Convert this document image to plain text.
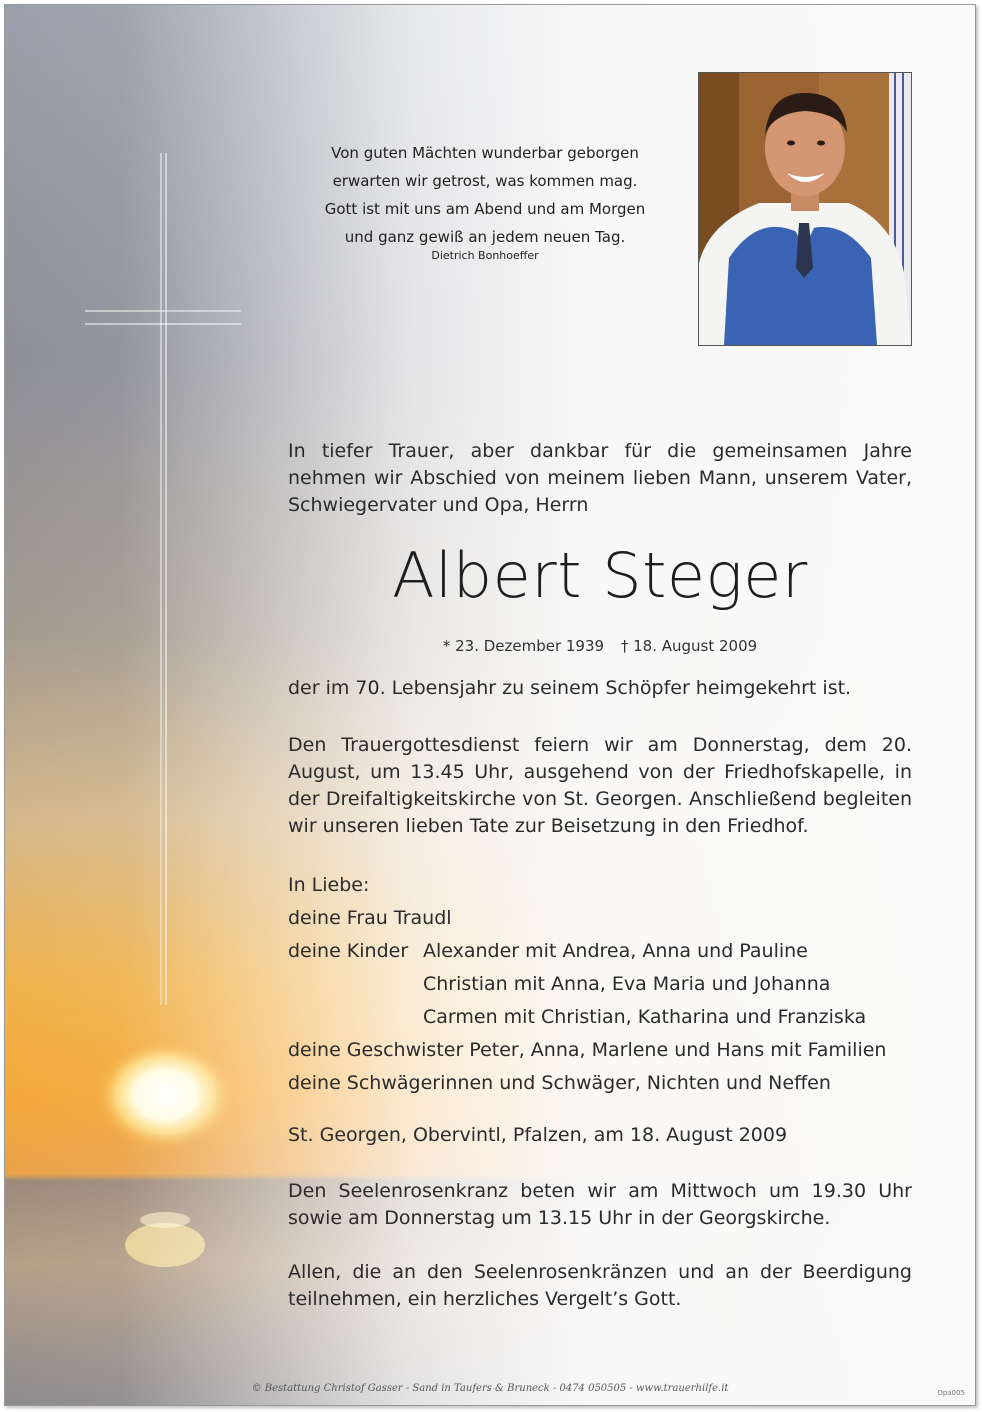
Von guten Mächten wunderbar geborgen
erwarten wir getrost, was kommen mag.
Gott ist mit uns am Abend und am Morgen
und ganz gewiß an jedem neuen Tag.
Dietrich Bonhoeffer
In tiefer Trauer, aber dankbar für die gemeinsamen Jahre nehmen wir Abschied von meinem lieben Mann, unserem Vater, Schwiegervater und Opa, Herrn
Albert Steger
* 23. Dezember 1939 † 18. August 2009
der im 70. Lebensjahr zu seinem Schöpfer heimgekehrt ist.
Den Trauergottesdienst feiern wir am Donnerstag, dem 20. August, um 13.45 Uhr, ausgehend von der Friedhofskapelle, in der Dreifaltigkeitskirche von St. Georgen. Anschließend begleiten wir unseren lieben Tate zur Beisetzung in den Friedhof.
In Liebe:
deine Frau Traudl
deine Kinder Alexander mit Andrea, Anna und Pauline
Christian mit Anna, Eva Maria und Johanna
Carmen mit Christian, Katharina und Franziska
deine Geschwister Peter, Anna, Marlene und Hans mit Familien
deine Schwägerinnen und Schwäger, Nichten und Neffen
St. Georgen, Obervintl, Pfalzen, am 18. August 2009
Den Seelenrosenkranz beten wir am Mittwoch um 19.30 Uhr sowie am Donnerstag um 13.15 Uhr in der Georgskirche.
Allen, die an den Seelenrosenkränzen und an der Beerdigung teilnehmen, ein herzliches Vergelt’s Gott.
© Bestattung Christof Gasser - Sand in Taufers & Bruneck - 0474 050505 - www.trauerhilfe.it	Opa005
